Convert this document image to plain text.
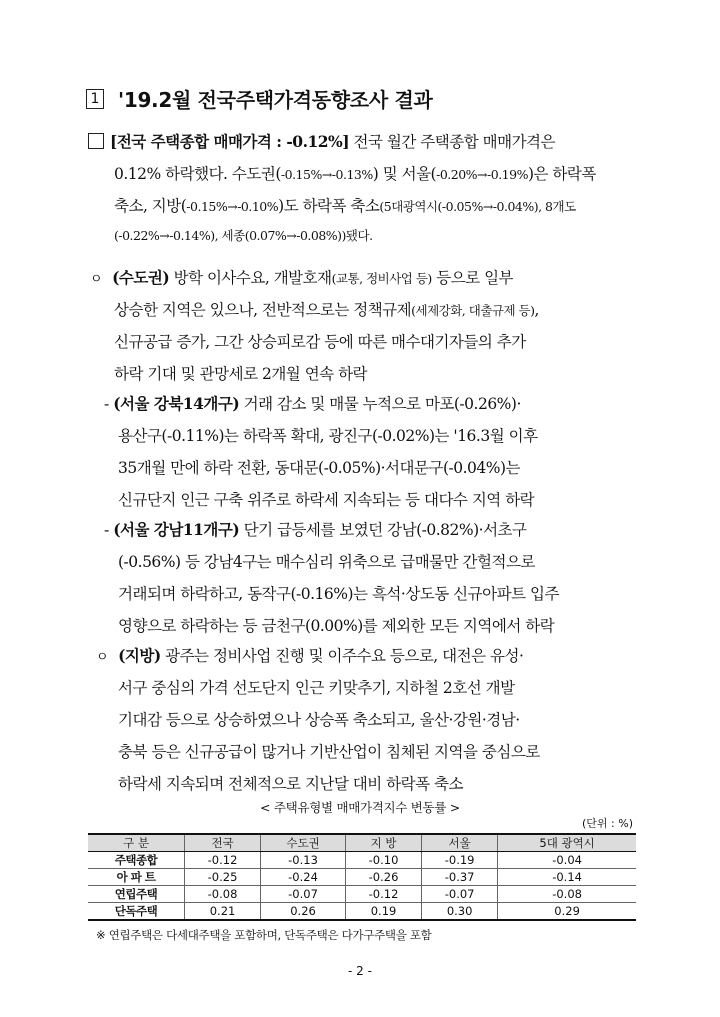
1 '19.2월 전국주택가격동향조사 결과
[전국 주택종합 매매가격 : -0.12%] 전국 월간 주택종합 매매가격은
0.12% 하락했다. 수도권(-0.15%→-0.13%) 및 서울(-0.20%→-0.19%)은 하락폭
축소, 지방(-0.15%→-0.10%)도 하락폭 축소(5대광역시(-0.05%→-0.04%), 8개도
(-0.22%→-0.14%), 세종(0.07%→-0.08%))됐다.
ㅇ (수도권) 방학 이사수요, 개발호재(교통, 정비사업 등) 등으로 일부
상승한 지역은 있으나, 전반적으로는 정책규제(세제강화, 대출규제 등),
신규공급 증가, 그간 상승피로감 등에 따른 매수대기자들의 추가
하락 기대 및 관망세로 2개월 연속 하락
- (서울 강북14개구) 거래 감소 및 매물 누적으로 마포(-0.26%)·
용산구(-0.11%)는 하락폭 확대, 광진구(-0.02%)는 '16.3월 이후
35개월 만에 하락 전환, 동대문(-0.05%)·서대문구(-0.04%)는
신규단지 인근 구축 위주로 하락세 지속되는 등 대다수 지역 하락
- (서울 강남11개구) 단기 급등세를 보였던 강남(-0.82%)·서초구
(-0.56%) 등 강남4구는 매수심리 위축으로 급매물만 간헐적으로
거래되며 하락하고, 동작구(-0.16%)는 흑석·상도동 신규아파트 입주
영향으로 하락하는 등 금천구(0.00%)를 제외한 모든 지역에서 하락
ㅇ (지방) 광주는 정비사업 진행 및 이주수요 등으로, 대전은 유성·
서구 중심의 가격 선도단지 인근 키맞추기, 지하철 2호선 개발
기대감 등으로 상승하였으나 상승폭 축소되고, 울산·강원·경남·
충북 등은 신규공급이 많거나 기반산업이 침체된 지역을 중심으로
하락세 지속되며 전체적으로 지난달 대비 하락폭 축소
< 주택유형별 매매가격지수 변동률 >
(단위 : %)
구 분	전국	수도권	지 방	서울	5대 광역시
주택종합	-0.12	-0.13	-0.10	-0.19	-0.04
아 파 트	-0.25	-0.24	-0.26	-0.37	-0.14
연립주택	-0.08	-0.07	-0.12	-0.07	-0.08
단독주택	0.21	0.26	0.19	0.30	0.29
※ 연립주택은 다세대주택을 포함하며, 단독주택은 다가구주택을 포함
- 2 -
